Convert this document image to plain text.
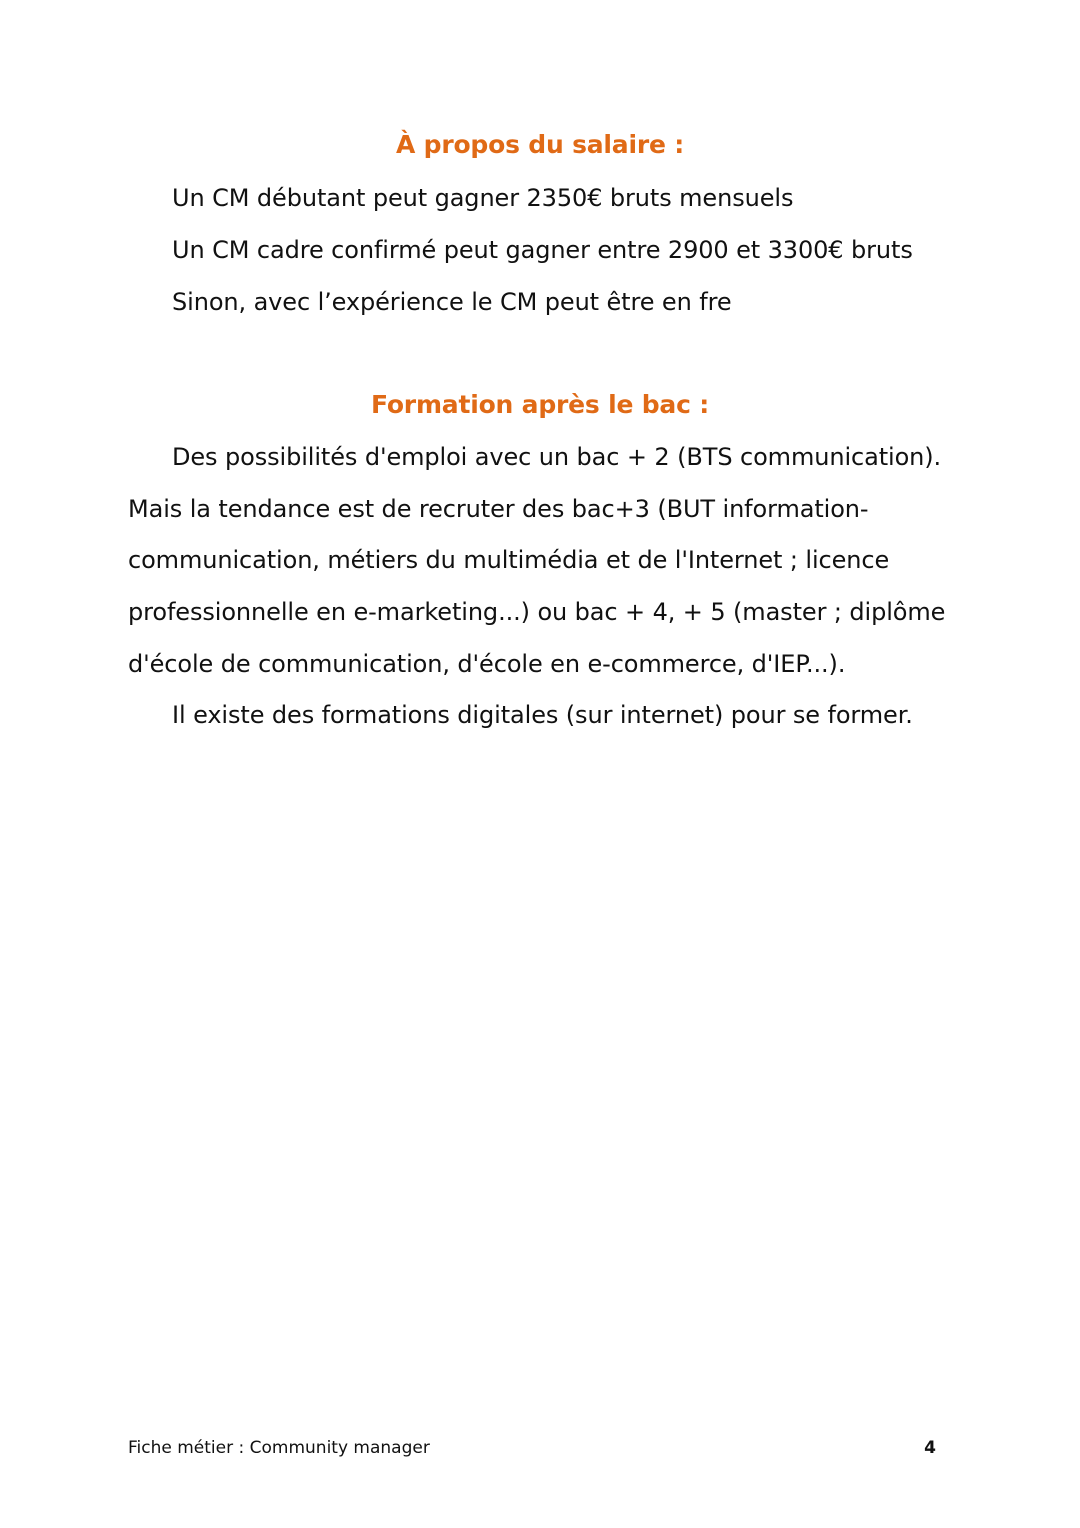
À propos du salaire :
Un CM débutant peut gagner 2350€ bruts mensuels
Un CM cadre confirmé peut gagner entre 2900 et 3300€ bruts
Sinon, avec l’expérience le CM peut être en fre
Formation après le bac :
Des possibilités d'emploi avec un bac + 2 (BTS communication).
Mais la tendance est de recruter des bac+3 (BUT information-
communication, métiers du multimédia et de l'Internet ; licence
professionnelle en e-marketing...) ou bac + 4, + 5 (master ; diplôme
d'école de communication, d'école en e-commerce, d'IEP...).
Il existe des formations digitales (sur internet) pour se former.
Fiche métier : Community manager	4
